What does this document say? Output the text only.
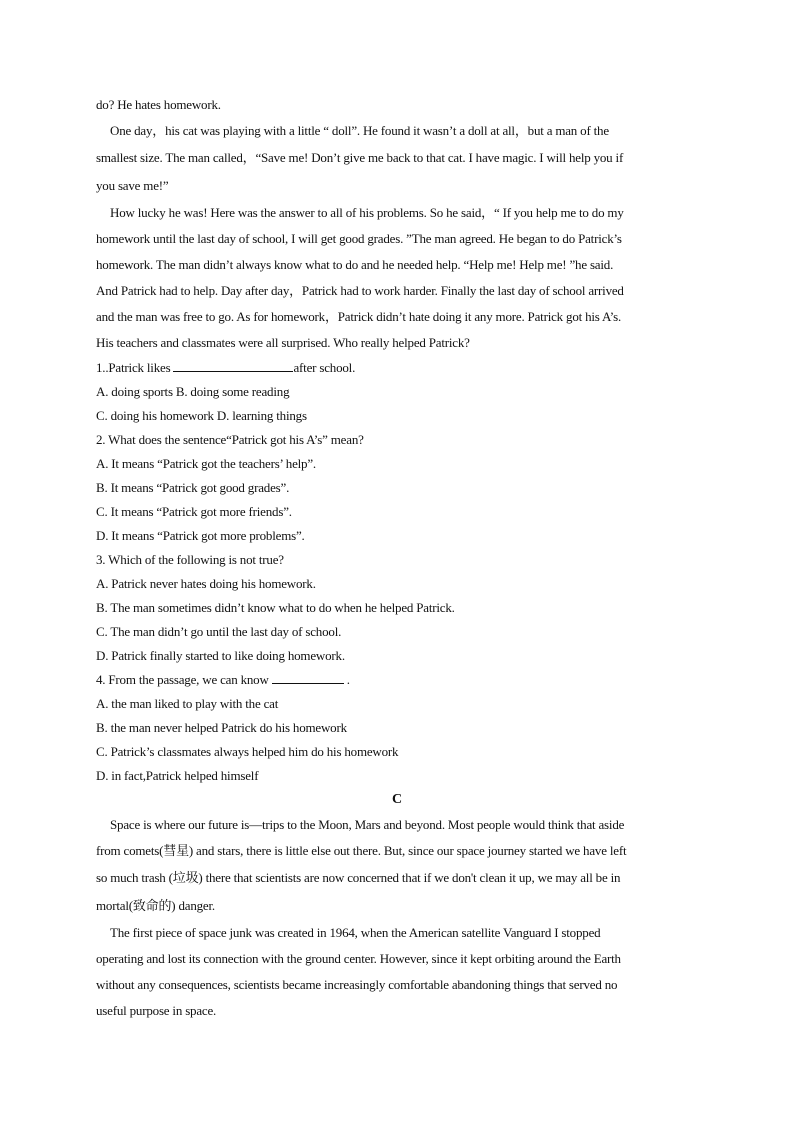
do? He hates homework.

One day，his cat was playing with a little “ doll”. He found it wasn’t a doll at all，but a man of the

smallest size. The man called，“Save me! Don’t give me back to that cat. I have magic. I will help you if

you save me!”

How lucky he was! Here was the answer to all of his problems. So he said，“ If you help me to do my

homework until the last day of school, I will get good grades. ”The man agreed. He began to do Patrick’s

homework. The man didn’t always know what to do and he needed help. “Help me! Help me! ”he said.

And Patrick had to help. Day after day，Patrick had to work harder. Finally the last day of school arrived

and the man was free to go. As for homework，Patrick didn’t hate doing it any more. Patrick got his A’s.

His teachers and classmates were all surprised. Who really helped Patrick?

1..Patrick likes	after school.

A. doing sports B. doing some reading

C. doing his homework D. learning things

2. What does the sentence“Patrick got his A’s” mean?

A. It means “Patrick got the teachers’ help”.

B. It means “Patrick got good grades”.

C. It means “Patrick got more friends”.

D. It means “Patrick got more problems”.

3. Which of the following is not true?

A. Patrick never hates doing his homework.

B. The man sometimes didn’t know what to do when he helped Patrick.

C. The man didn’t go until the last day of school.

D. Patrick finally started to like doing homework.

4. From the passage, we can know	.

A. the man liked to play with the cat

B. the man never helped Patrick do his homework

C. Patrick’s classmates always helped him do his homework

D. in fact,Patrick helped himself

C

Space is where our future is—trips to the Moon, Mars and beyond. Most people would think that aside

from comets(彗星) and stars, there is little else out there. But, since our space journey started we have left

so much trash (垃圾) there that scientists are now concerned that if we don't clean it up, we may all be in

mortal(致命的) danger.

The first piece of space junk was created in 1964, when the American satellite Vanguard I stopped

operating and lost its connection with the ground center. However, since it kept orbiting around the Earth

without any consequences, scientists became increasingly comfortable abandoning things that served no

useful purpose in space.
